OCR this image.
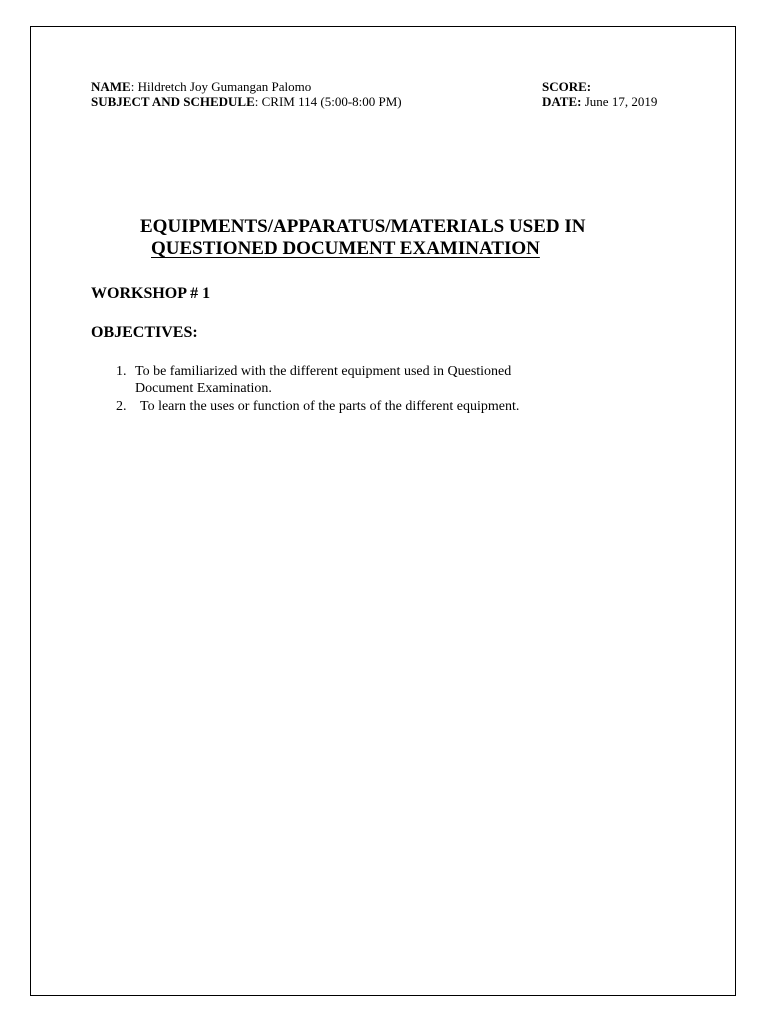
NAME: Hildretch Joy Gumangan Palomo
SUBJECT AND SCHEDULE: CRIM 114 (5:00-8:00 PM)
SCORE:
DATE: June 17, 2019
EQUIPMENTS/APPARATUS/MATERIALS USED IN
QUESTIONED DOCUMENT EXAMINATION
WORKSHOP # 1
OBJECTIVES:
1. To be familiarized with the different equipment used in Questioned
Document Examination.
2. To learn the uses or function of the parts of the different equipment.
